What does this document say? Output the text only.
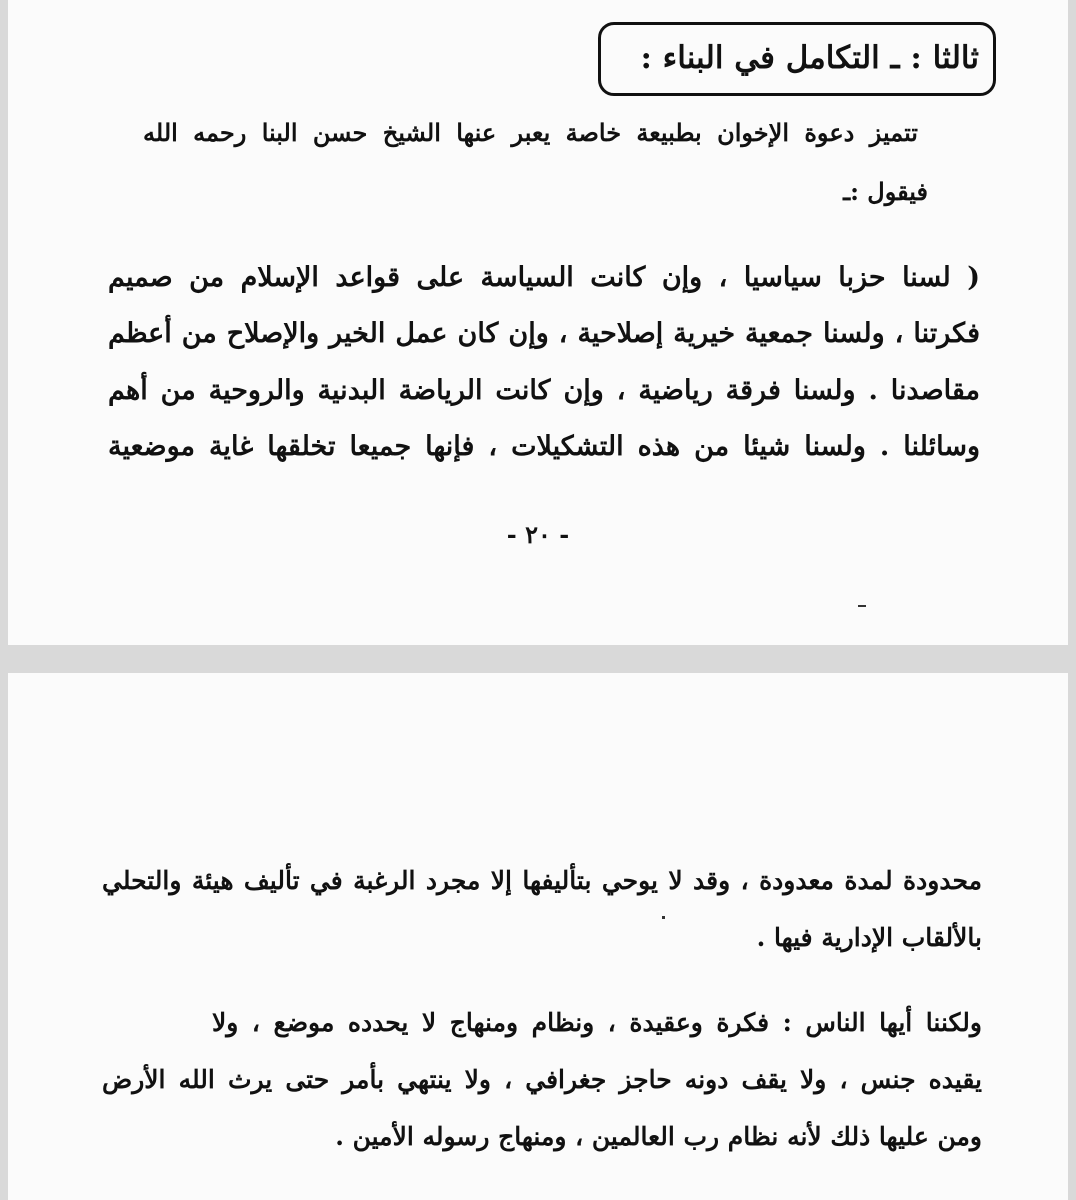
ثالثا : ـ التكامل في البناء :
تتميز دعوة الإخوان بطبيعة خاصة يعبر عنها الشيخ حسن البنا رحمه الله
فيقول :ـ
( لسنا حزبا سياسيا ، وإن كانت السياسة على قواعد الإسلام من صميم
فكرتنا ، ولسنا جمعية خيرية إصلاحية ، وإن كان عمل الخير والإصلاح من أعظم
مقاصدنا . ولسنا فرقة رياضية ، وإن كانت الرياضة البدنية والروحية من أهم
وسائلنا . ولسنا شيئا من هذه التشكيلات ، فإنها جميعا تخلقها غاية موضعية
- ٢٠ -
محدودة لمدة معدودة ، وقد لا يوحي بتأليفها إلا مجرد الرغبة في تأليف هيئة والتحلي
بالألقاب الإدارية فيها .
ولكننا أيها الناس : فكرة وعقيدة ، ونظام ومنهاج لا يحدده موضع ، ولا
يقيده جنس ، ولا يقف دونه حاجز جغرافي ، ولا ينتهي بأمر حتى يرث الله الأرض
ومن عليها ذلك لأنه نظام رب العالمين ، ومنهاج رسوله الأمين .
